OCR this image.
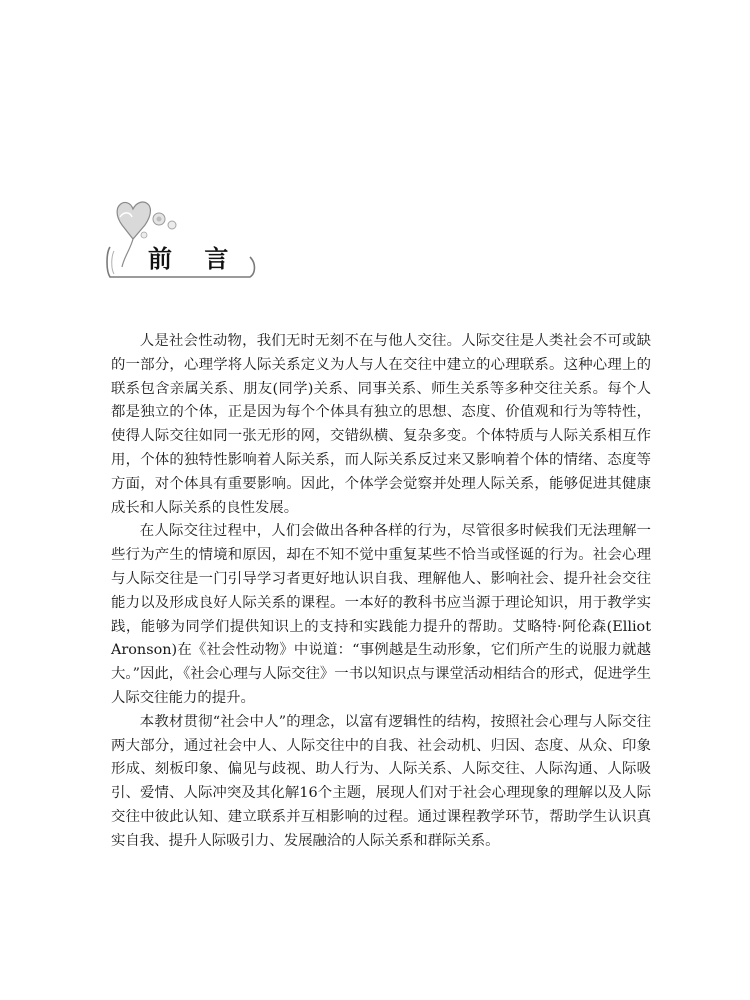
前 言

人是社会性动物，我们无时无刻不在与他人交往。人际交往是人类社会不可或缺的一部分，心理学将人际关系定义为人与人在交往中建立的心理联系。这种心理上的联系包含亲属关系、朋友(同学)关系、同事关系、师生关系等多种交往关系。每个人都是独立的个体，正是因为每个个体具有独立的思想、态度、价值观和行为等特性，使得人际交往如同一张无形的网，交错纵横、复杂多变。个体特质与人际关系相互作用，个体的独特性影响着人际关系，而人际关系反过来又影响着个体的情绪、态度等方面，对个体具有重要影响。因此，个体学会觉察并处理人际关系，能够促进其健康成长和人际关系的良性发展。

在人际交往过程中，人们会做出各种各样的行为，尽管很多时候我们无法理解一些行为产生的情境和原因，却在不知不觉中重复某些不恰当或怪诞的行为。社会心理与人际交往是一门引导学习者更好地认识自我、理解他人、影响社会、提升社会交往能力以及形成良好人际关系的课程。一本好的教科书应当源于理论知识，用于教学实践，能够为同学们提供知识上的支持和实践能力提升的帮助。艾略特·阿伦森(Elliot Aronson)在《社会性动物》中说道：“事例越是生动形象，它们所产生的说服力就越大。”因此，《社会心理与人际交往》一书以知识点与课堂活动相结合的形式，促进学生人际交往能力的提升。

本教材贯彻“社会中人”的理念，以富有逻辑性的结构，按照社会心理与人际交往两大部分，通过社会中人、人际交往中的自我、社会动机、归因、态度、从众、印象形成、刻板印象、偏见与歧视、助人行为、人际关系、人际交往、人际沟通、人际吸引、爱情、人际冲突及其化解16个主题，展现人们对于社会心理现象的理解以及人际交往中彼此认知、建立联系并互相影响的过程。通过课程教学环节，帮助学生认识真实自我、提升人际吸引力、发展融洽的人际关系和群际关系。
